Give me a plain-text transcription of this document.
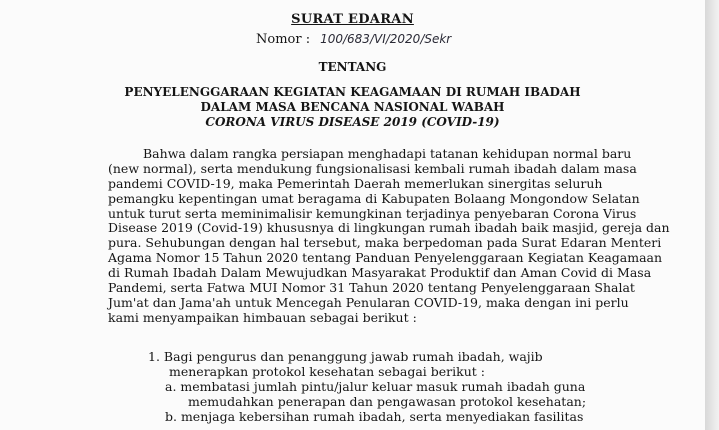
SURAT EDARAN
Nomor : 100/683/VI/2020/Sekr
TENTANG
PENYELENGGARAAN KEGIATAN KEAGAMAAN DI RUMAH IBADAH
DALAM MASA BENCANA NASIONAL WABAH
CORONA VIRUS DISEASE 2019 (COVID-19)
Bahwa dalam rangka persiapan menghadapi tatanan kehidupan normal baru
(new normal), serta mendukung fungsionalisasi kembali rumah ibadah dalam masa
pandemi COVID-19, maka Pemerintah Daerah memerlukan sinergitas seluruh
pemangku kepentingan umat beragama di Kabupaten Bolaang Mongondow Selatan
untuk turut serta meminimalisir kemungkinan terjadinya penyebaran Corona Virus
Disease 2019 (Covid-19) khususnya di lingkungan rumah ibadah baik masjid, gereja dan
pura. Sehubungan dengan hal tersebut, maka berpedoman pada Surat Edaran Menteri
Agama Nomor 15 Tahun 2020 tentang Panduan Penyelenggaraan Kegiatan Keagamaan
di Rumah Ibadah Dalam Mewujudkan Masyarakat Produktif dan Aman Covid di Masa
Pandemi, serta Fatwa MUI Nomor 31 Tahun 2020 tentang Penyelenggaraan Shalat
Jum'at dan Jama'ah untuk Mencegah Penularan COVID-19, maka dengan ini perlu
kami menyampaikan himbauan sebagai berikut :
1. Bagi pengurus dan penanggung jawab rumah ibadah, wajib
menerapkan protokol kesehatan sebagai berikut :
a. membatasi jumlah pintu/jalur keluar masuk rumah ibadah guna
memudahkan penerapan dan pengawasan protokol kesehatan;
b. menjaga kebersihan rumah ibadah, serta menyediakan fasilitas
